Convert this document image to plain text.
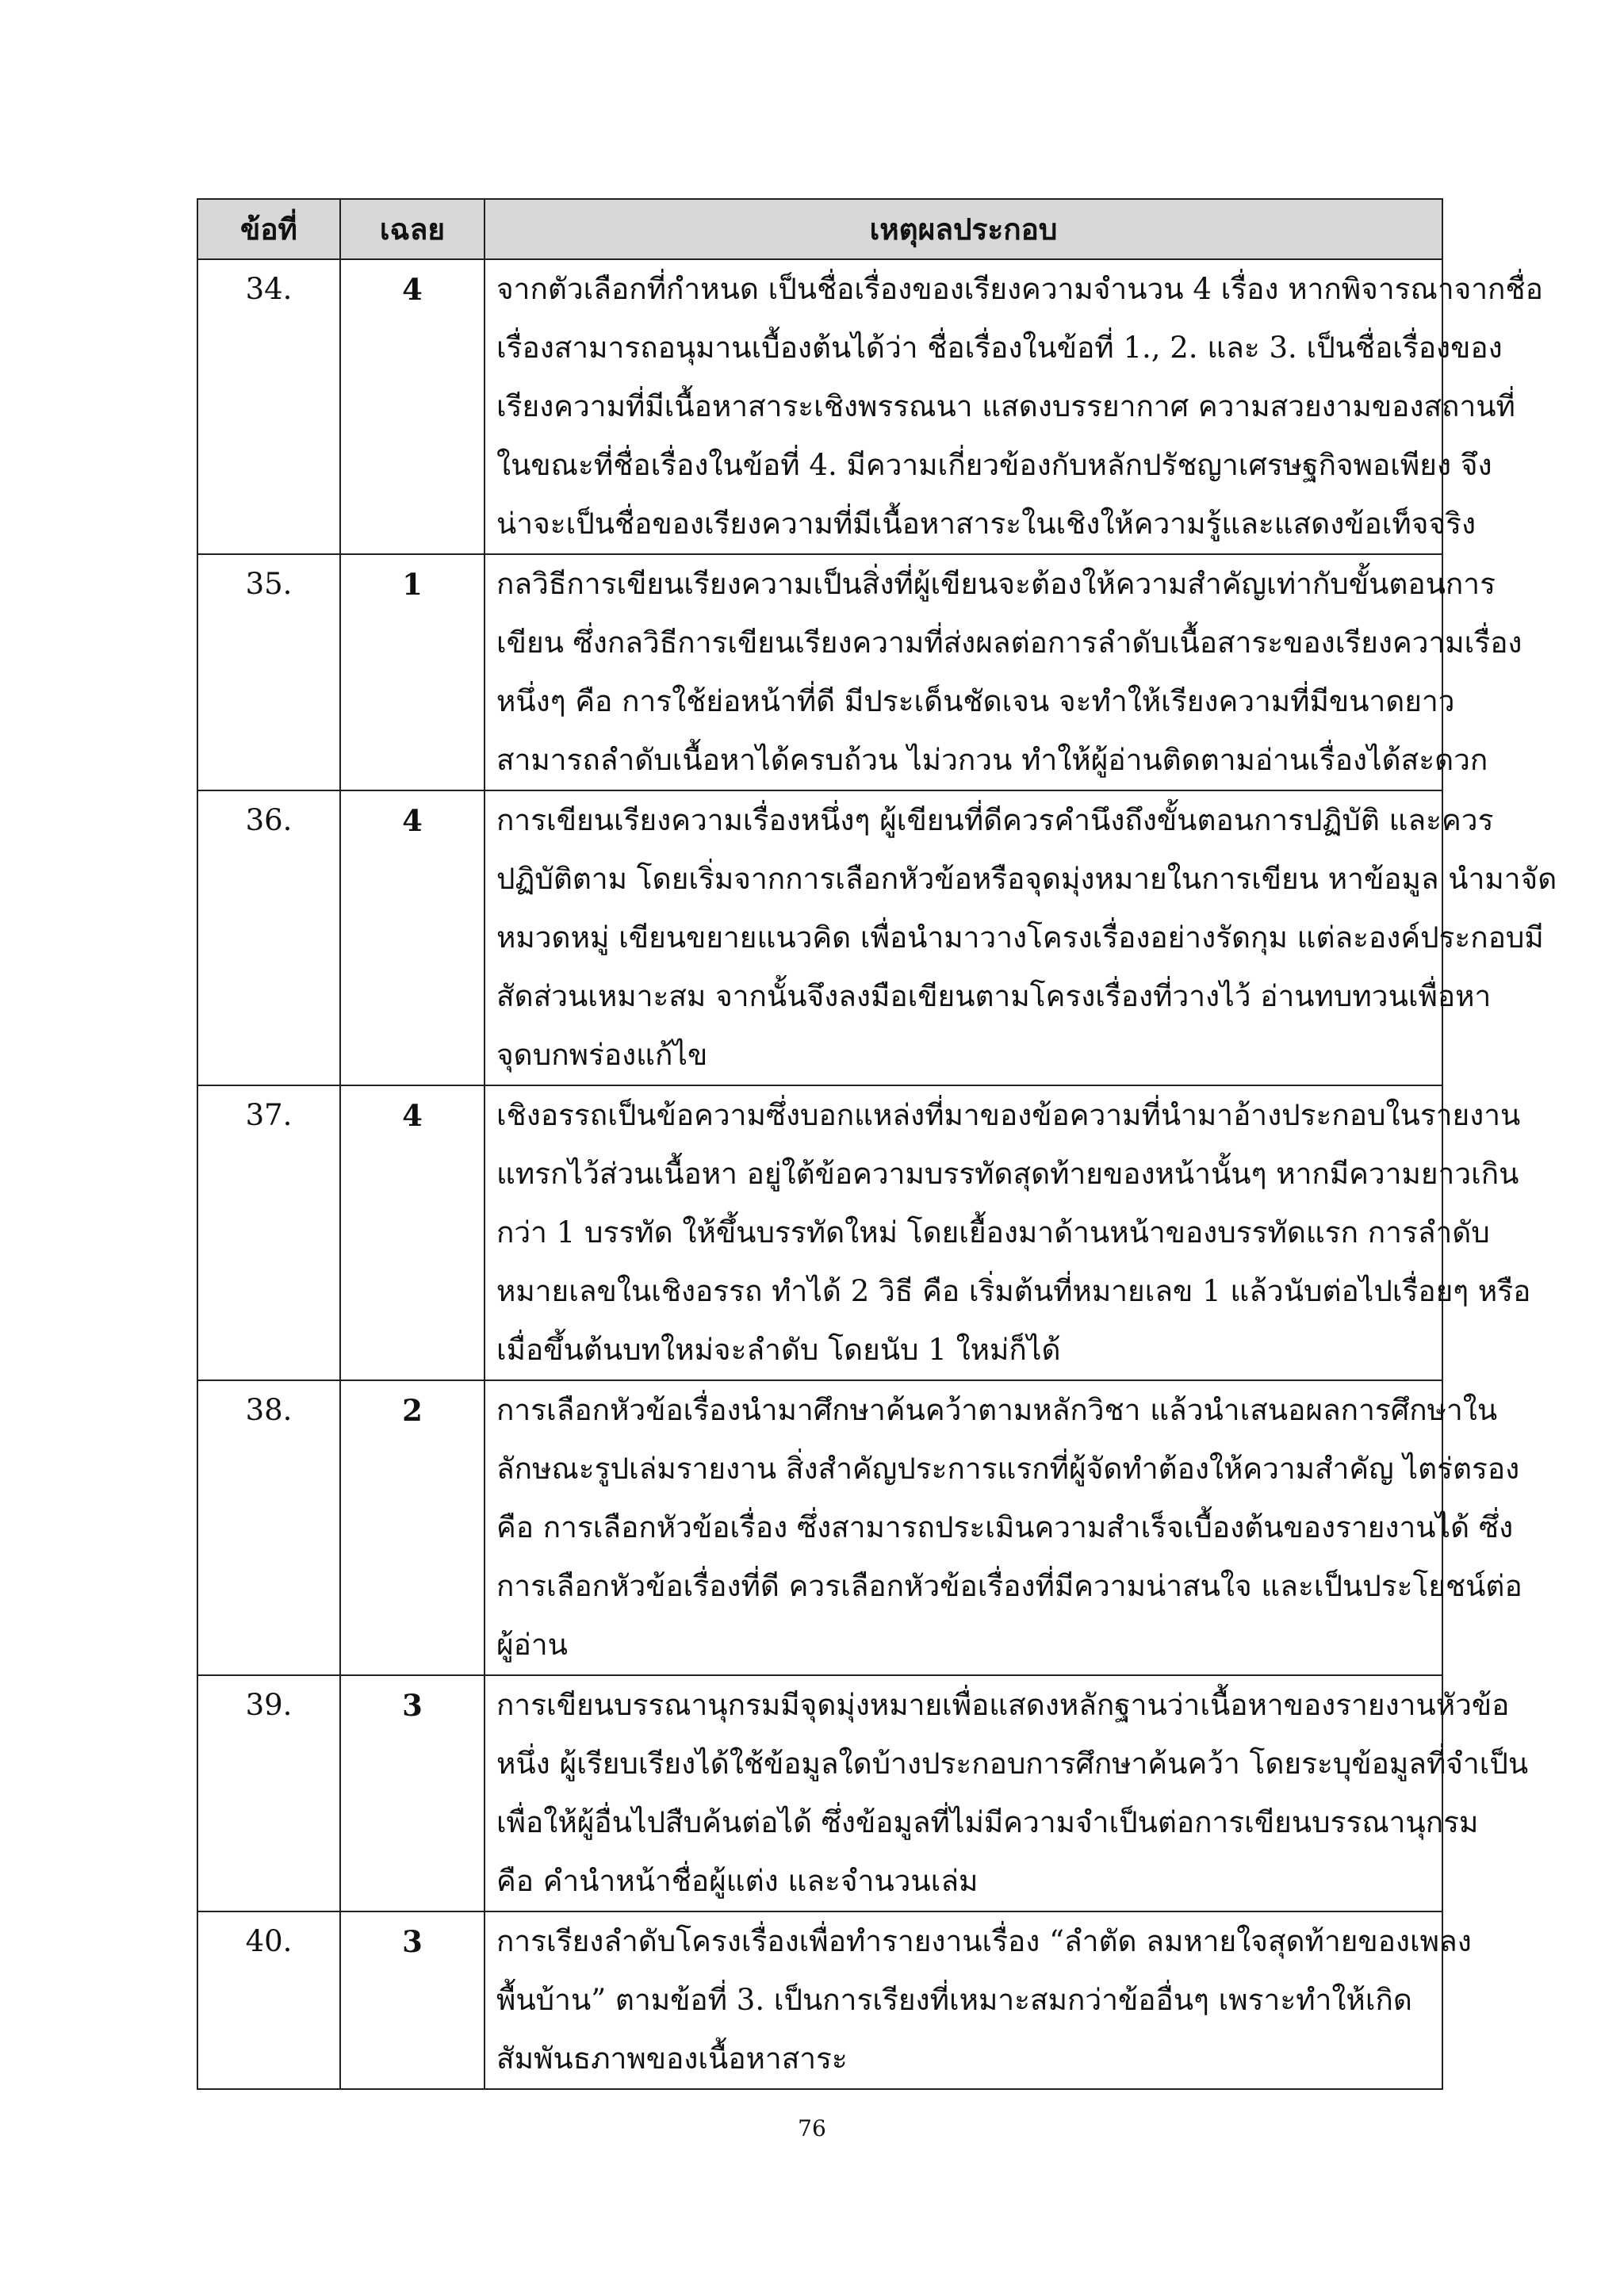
ข้อที่	เฉลย	เหตุผลประกอบ
34.	4	จากตัวเลือกที่กำหนด เป็นชื่อเรื่องของเรียงความจำนวน 4 เรื่อง หากพิจารณาจากชื่อ
เรื่องสามารถอนุมานเบื้องต้นได้ว่า ชื่อเรื่องในข้อที่ 1., 2. และ 3. เป็นชื่อเรื่องของ
เรียงความที่มีเนื้อหาสาระเชิงพรรณนา แสดงบรรยากาศ ความสวยงามของสถานที่
ในขณะที่ชื่อเรื่องในข้อที่ 4. มีความเกี่ยวข้องกับหลักปรัชญาเศรษฐกิจพอเพียง จึง
น่าจะเป็นชื่อของเรียงความที่มีเนื้อหาสาระในเชิงให้ความรู้และแสดงข้อเท็จจริง

35.	1	กลวิธีการเขียนเรียงความเป็นสิ่งที่ผู้เขียนจะต้องให้ความสำคัญเท่ากับขั้นตอนการ
เขียน ซึ่งกลวิธีการเขียนเรียงความที่ส่งผลต่อการลำดับเนื้อสาระของเรียงความเรื่อง
หนึ่งๆ คือ การใช้ย่อหน้าที่ดี มีประเด็นชัดเจน จะทำให้เรียงความที่มีขนาดยาว
สามารถลำดับเนื้อหาได้ครบถ้วน ไม่วกวน ทำให้ผู้อ่านติดตามอ่านเรื่องได้สะดวก

36.	4	การเขียนเรียงความเรื่องหนึ่งๆ ผู้เขียนที่ดีควรคำนึงถึงขั้นตอนการปฏิบัติ และควร
ปฏิบัติตาม โดยเริ่มจากการเลือกหัวข้อหรือจุดมุ่งหมายในการเขียน หาข้อมูล นำมาจัด
หมวดหมู่ เขียนขยายแนวคิด เพื่อนำมาวางโครงเรื่องอย่างรัดกุม แต่ละองค์ประกอบมี
สัดส่วนเหมาะสม จากนั้นจึงลงมือเขียนตามโครงเรื่องที่วางไว้ อ่านทบทวนเพื่อหา
จุดบกพร่องแก้ไข

37.	4	เชิงอรรถเป็นข้อความซึ่งบอกแหล่งที่มาของข้อความที่นำมาอ้างประกอบในรายงาน
แทรกไว้ส่วนเนื้อหา อยู่ใต้ข้อความบรรทัดสุดท้ายของหน้านั้นๆ หากมีความยาวเกิน
กว่า 1 บรรทัด ให้ขึ้นบรรทัดใหม่ โดยเยื้องมาด้านหน้าของบรรทัดแรก การลำดับ
หมายเลขในเชิงอรรถ ทำได้ 2 วิธี คือ เริ่มต้นที่หมายเลข 1 แล้วนับต่อไปเรื่อยๆ หรือ
เมื่อขึ้นต้นบทใหม่จะลำดับ โดยนับ 1 ใหม่ก็ได้

38.	2	การเลือกหัวข้อเรื่องนำมาศึกษาค้นคว้าตามหลักวิชา แล้วนำเสนอผลการศึกษาใน
ลักษณะรูปเล่มรายงาน สิ่งสำคัญประการแรกที่ผู้จัดทำต้องให้ความสำคัญ ไตร่ตรอง
คือ การเลือกหัวข้อเรื่อง ซึ่งสามารถประเมินความสำเร็จเบื้องต้นของรายงานได้ ซึ่ง
การเลือกหัวข้อเรื่องที่ดี ควรเลือกหัวข้อเรื่องที่มีความน่าสนใจ และเป็นประโยชน์ต่อ
ผู้อ่าน

39.	3	การเขียนบรรณานุกรมมีจุดมุ่งหมายเพื่อแสดงหลักฐานว่าเนื้อหาของรายงานหัวข้อ
หนึ่ง ผู้เรียบเรียงได้ใช้ข้อมูลใดบ้างประกอบการศึกษาค้นคว้า โดยระบุข้อมูลที่จำเป็น
เพื่อให้ผู้อื่นไปสืบค้นต่อได้ ซึ่งข้อมูลที่ไม่มีความจำเป็นต่อการเขียนบรรณานุกรม
คือ คำนำหน้าชื่อผู้แต่ง และจำนวนเล่ม

40.	3	การเรียงลำดับโครงเรื่องเพื่อทำรายงานเรื่อง “ลำตัด ลมหายใจสุดท้ายของเพลง
พื้นบ้าน” ตามข้อที่ 3. เป็นการเรียงที่เหมาะสมกว่าข้ออื่นๆ เพราะทำให้เกิด
สัมพันธภาพของเนื้อหาสาระ
76
